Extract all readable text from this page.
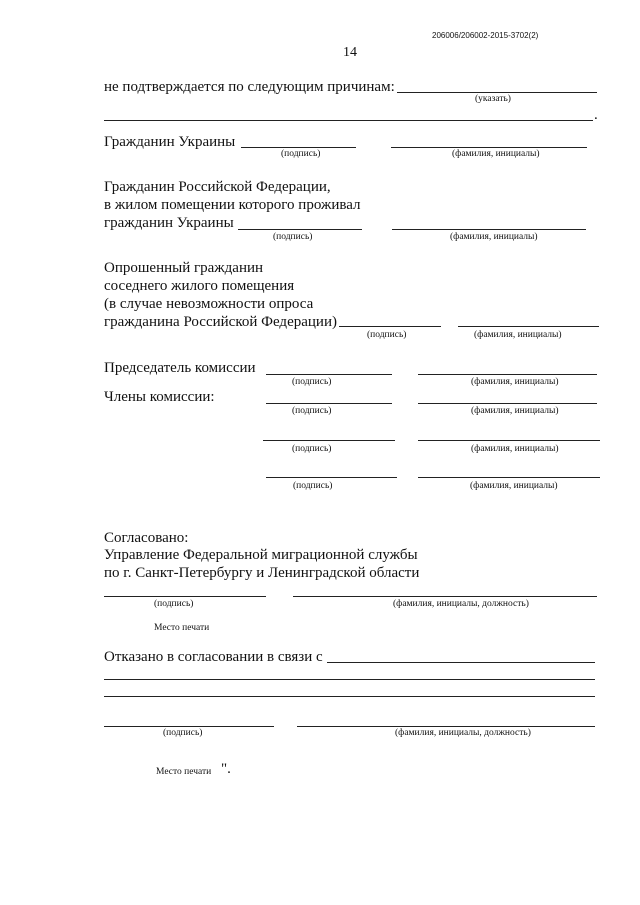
206006/206002-2015-3702(2)
14
не подтверждается по следующим причинам:
(указать)
.
Гражданин Украины
(подпись)	(фамилия, инициалы)
Гражданин Российской Федерации,
в жилом помещении которого проживал
гражданин Украины
(подпись)	(фамилия, инициалы)
Опрошенный гражданин
соседнего жилого помещения
(в случае невозможности опроса
гражданина Российской Федерации)
(подпись)	(фамилия, инициалы)
Председатель комиссии
(подпись)	(фамилия, инициалы)
Члены комиссии:
(подпись)	(фамилия, инициалы)
(подпись)	(фамилия, инициалы)
(подпись)	(фамилия, инициалы)
Согласовано:
Управление Федеральной миграционной службы
по г. Санкт-Петербургу и Ленинградской области
(подпись)	(фамилия, инициалы, должность)
Место печати
Отказано в согласовании в связи с
(подпись)	(фамилия, инициалы, должность)
Место печати ".
